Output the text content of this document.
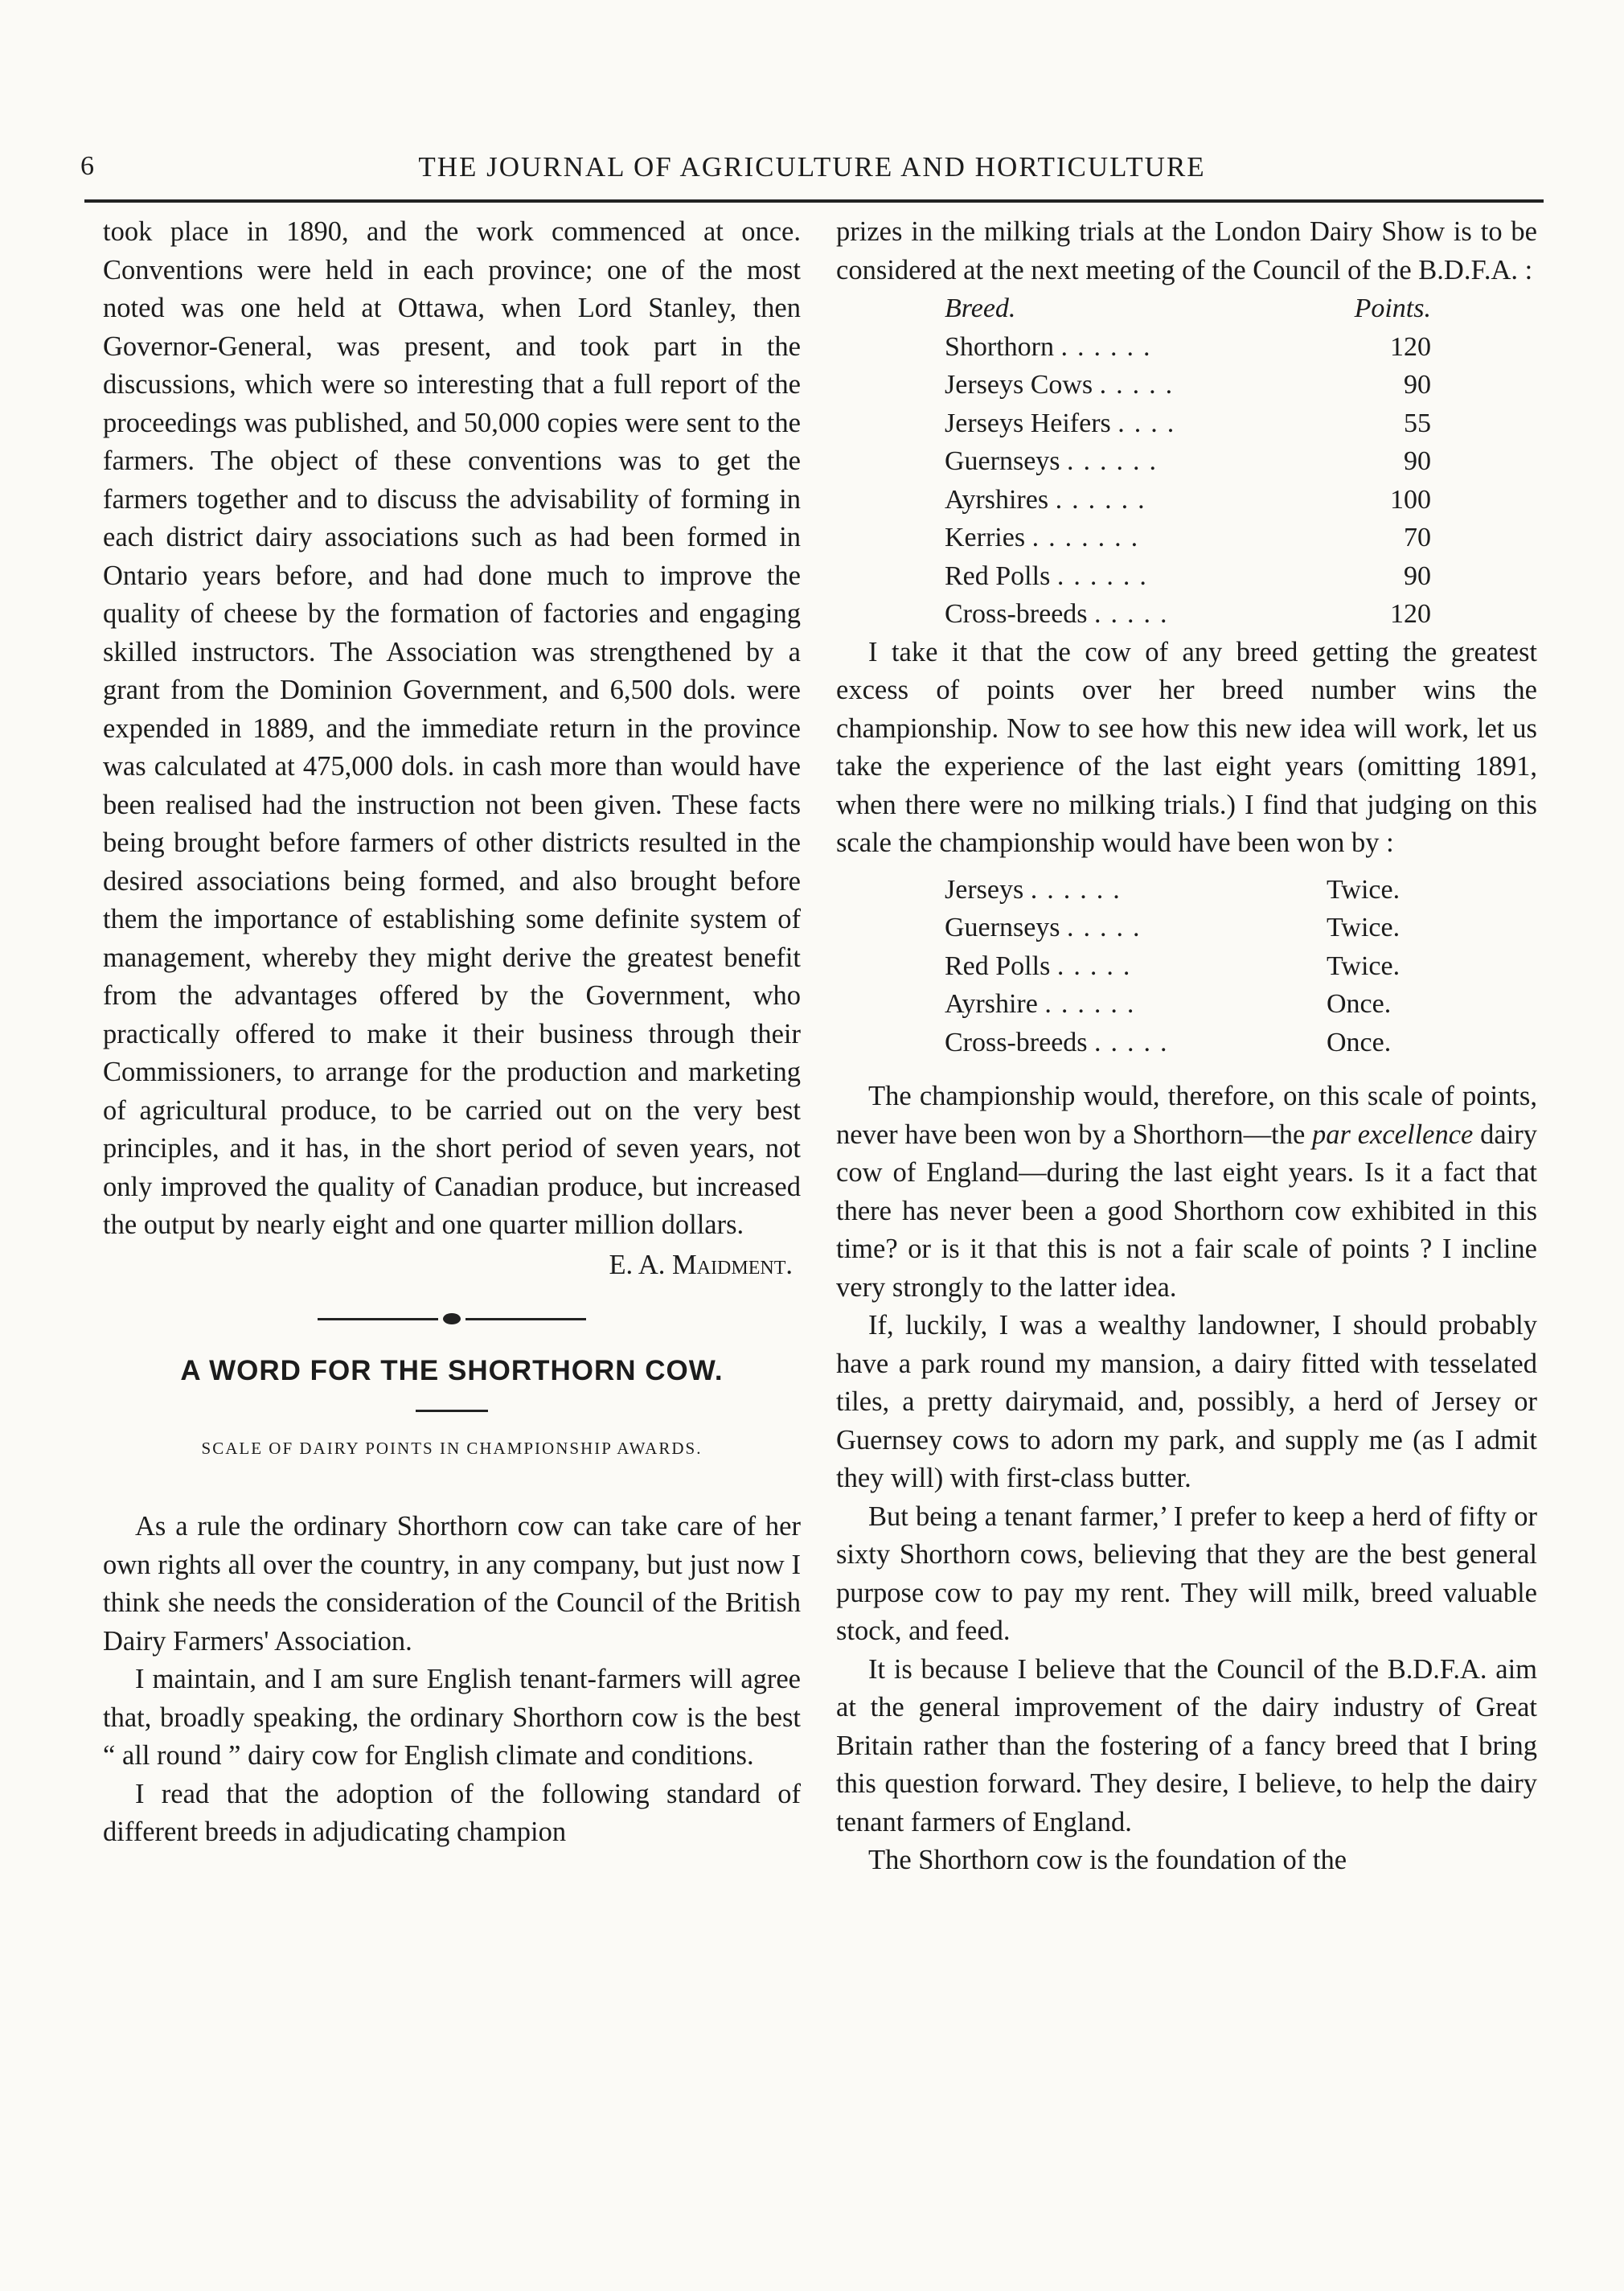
6	THE JOURNAL OF AGRICULTURE AND HORTICULTURE

took place in 1890, and the work commenced at once. Conventions were held in each province; one of the most noted was one held at Ottawa, when Lord Stanley, then Governor-General, was present, and took part in the discussions, which were so interesting that a full report of the proceedings was published, and 50,000 copies were sent to the farmers. The object of these conventions was to get the farmers together and to discuss the advisability of forming in each district dairy associations such as had been formed in Ontario years before, and had done much to improve the quality of cheese by the formation of factories and engaging skilled instructors. The Association was strengthened by a grant from the Dominion Government, and 6,500 dols. were expended in 1889, and the immediate return in the province was calculated at 475,000 dols. in cash more than would have been realised had the instruction not been given. These facts being brought before farmers of other districts resulted in the desired associations being formed, and also brought before them the importance of establishing some definite system of management, whereby they might derive the greatest benefit from the advantages offered by the Government, who practically offered to make it their business through their Commissioners, to arrange for the production and marketing of agricultural produce, to be carried out on the very best principles, and it has, in the short period of seven years, not only improved the quality of Canadian produce, but increased the output by nearly eight and one quarter million dollars.

E. A. Maidment.

A WORD FOR THE SHORTHORN COW.
SCALE OF DAIRY POINTS IN CHAMPIONSHIP AWARDS.

As a rule the ordinary Shorthorn cow can take care of her own rights all over the country, in any company, but just now I think she needs the consideration of the Council of the British Dairy Farmers' Association.

I maintain, and I am sure English tenant-farmers will agree that, broadly speaking, the ordinary Shorthorn cow is the best “ all round ” dairy cow for English climate and conditions.

I read that the adoption of the following standard of different breeds in adjudicating champion

prizes in the milking trials at the London Dairy Show is to be considered at the next meeting of the Council of the B.D.F.A. :

Breed.	Points.
Shorthorn ......	120
Jerseys Cows .....	90
Jerseys Heifers ....	55
Guernseys ......	90
Ayrshires ......	100
Kerries .......	70
Red Polls ......	90
Cross-breeds .....	120

I take it that the cow of any breed getting the greatest excess of points over her breed number wins the championship. Now to see how this new idea will work, let us take the experience of the last eight years (omitting 1891, when there were no milking trials.) I find that judging on this scale the championship would have been won by :

Jerseys ......	Twice.
Guernseys .....	Twice.
Red Polls .....	Twice.
Ayrshire ......	Once.
Cross-breeds .....	Once.

The championship would, therefore, on this scale of points, never have been won by a Shorthorn—the par excellence dairy cow of England—during the last eight years. Is it a fact that there has never been a good Shorthorn cow exhibited in this time? or is it that this is not a fair scale of points ? I incline very strongly to the latter idea.

If, luckily, I was a wealthy landowner, I should probably have a park round my mansion, a dairy fitted with tesselated tiles, a pretty dairymaid, and, possibly, a herd of Jersey or Guernsey cows to adorn my park, and supply me (as I admit they will) with first-class butter.

But being a tenant farmer,’ I prefer to keep a herd of fifty or sixty Shorthorn cows, believing that they are the best general purpose cow to pay my rent. They will milk, breed valuable stock, and feed.

It is because I believe that the Council of the B.D.F.A. aim at the general improvement of the dairy industry of Great Britain rather than the fostering of a fancy breed that I bring this question forward. They desire, I believe, to help the dairy tenant farmers of England.

The Shorthorn cow is the foundation of the
